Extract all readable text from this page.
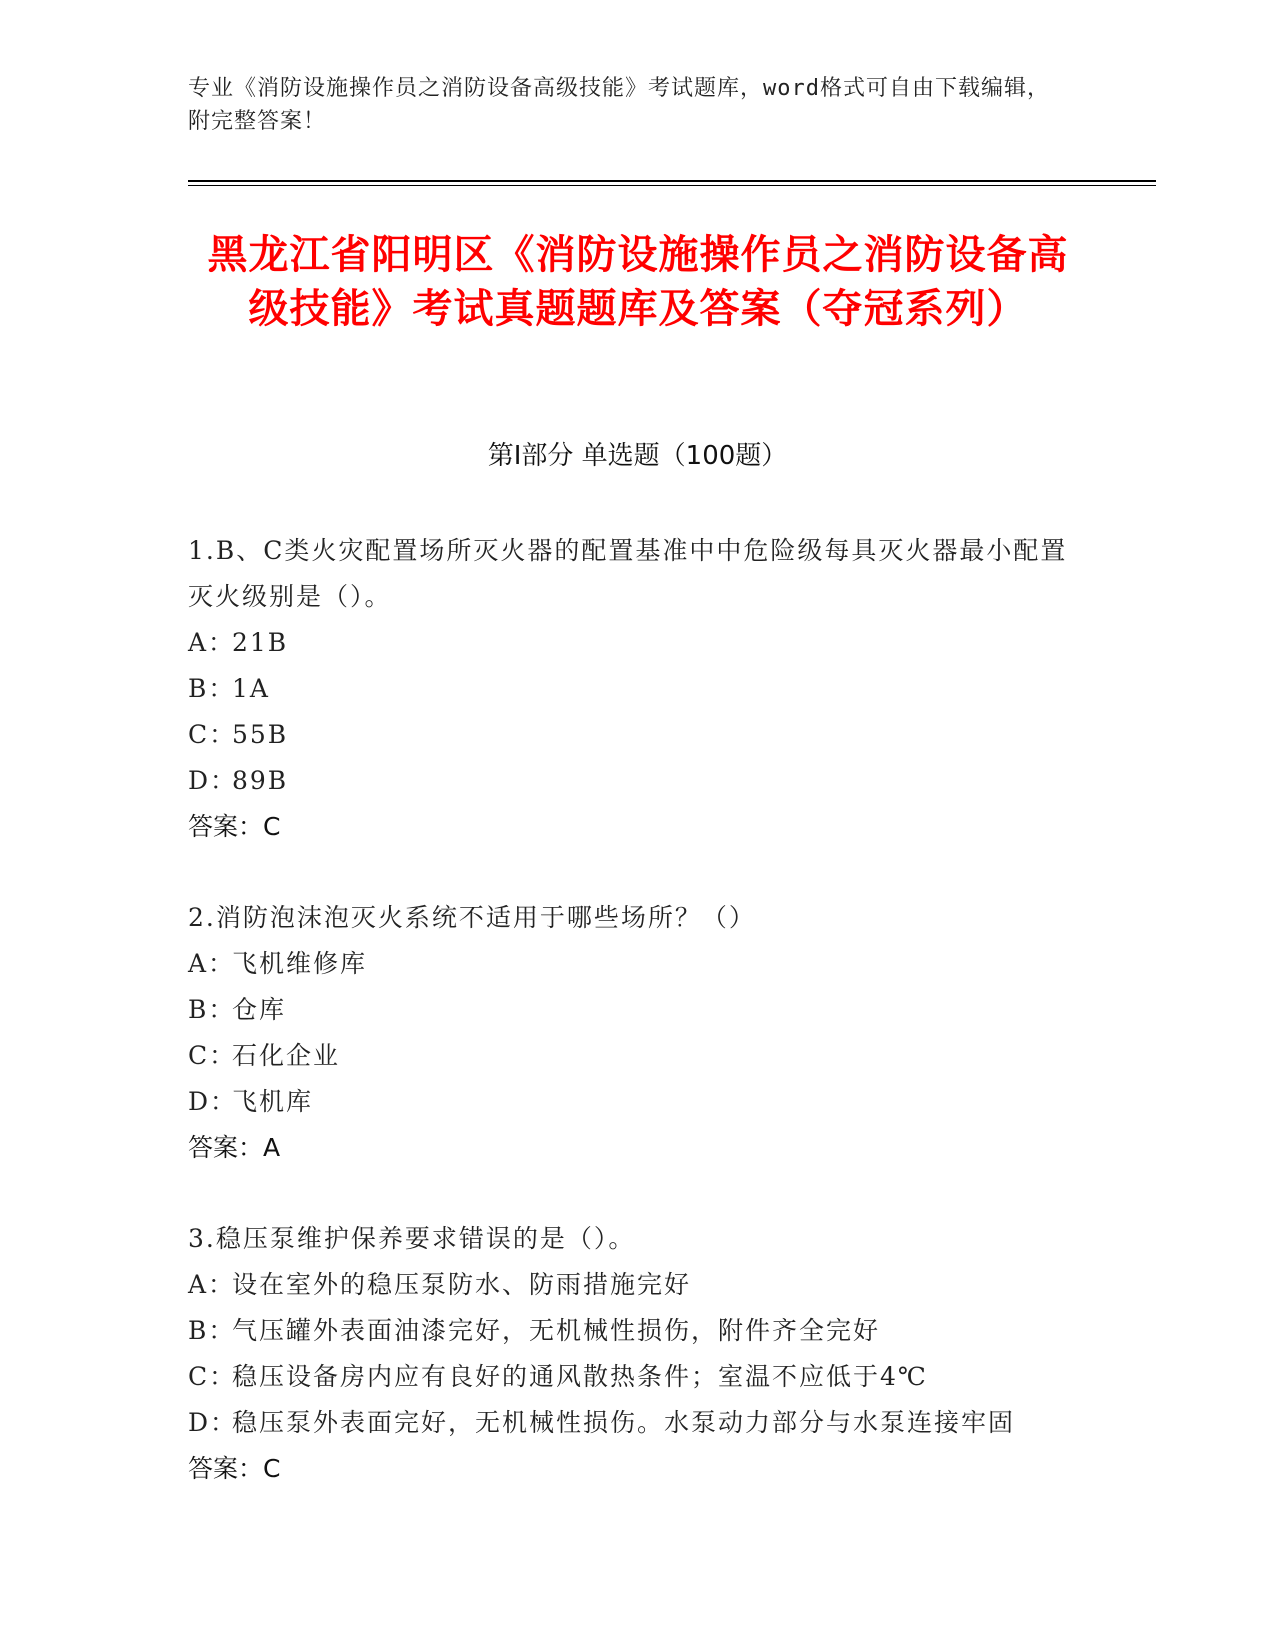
专业《消防设施操作员之消防设备高级技能》考试题库，word格式可自由下载编辑，附完整答案！
黑龙江省阳明区《消防设施操作员之消防设备高级技能》考试真题题库及答案（夺冠系列）
第I部分 单选题（100题）
1.B、C类火灾配置场所灭火器的配置基准中中危险级每具灭火器最小配置灭火级别是（）。
A：21B
B：1A
C：55B
D：89B
答案：C
2.消防泡沫泡灭火系统不适用于哪些场所？（）
A：飞机维修库
B：仓库
C：石化企业
D：飞机库
答案：A
3.稳压泵维护保养要求错误的是（）。
A：设在室外的稳压泵防水、防雨措施完好
B：气压罐外表面油漆完好，无机械性损伤，附件齐全完好
C：稳压设备房内应有良好的通风散热条件；室温不应低于4℃
D：稳压泵外表面完好，无机械性损伤。水泵动力部分与水泵连接牢固
答案：C
